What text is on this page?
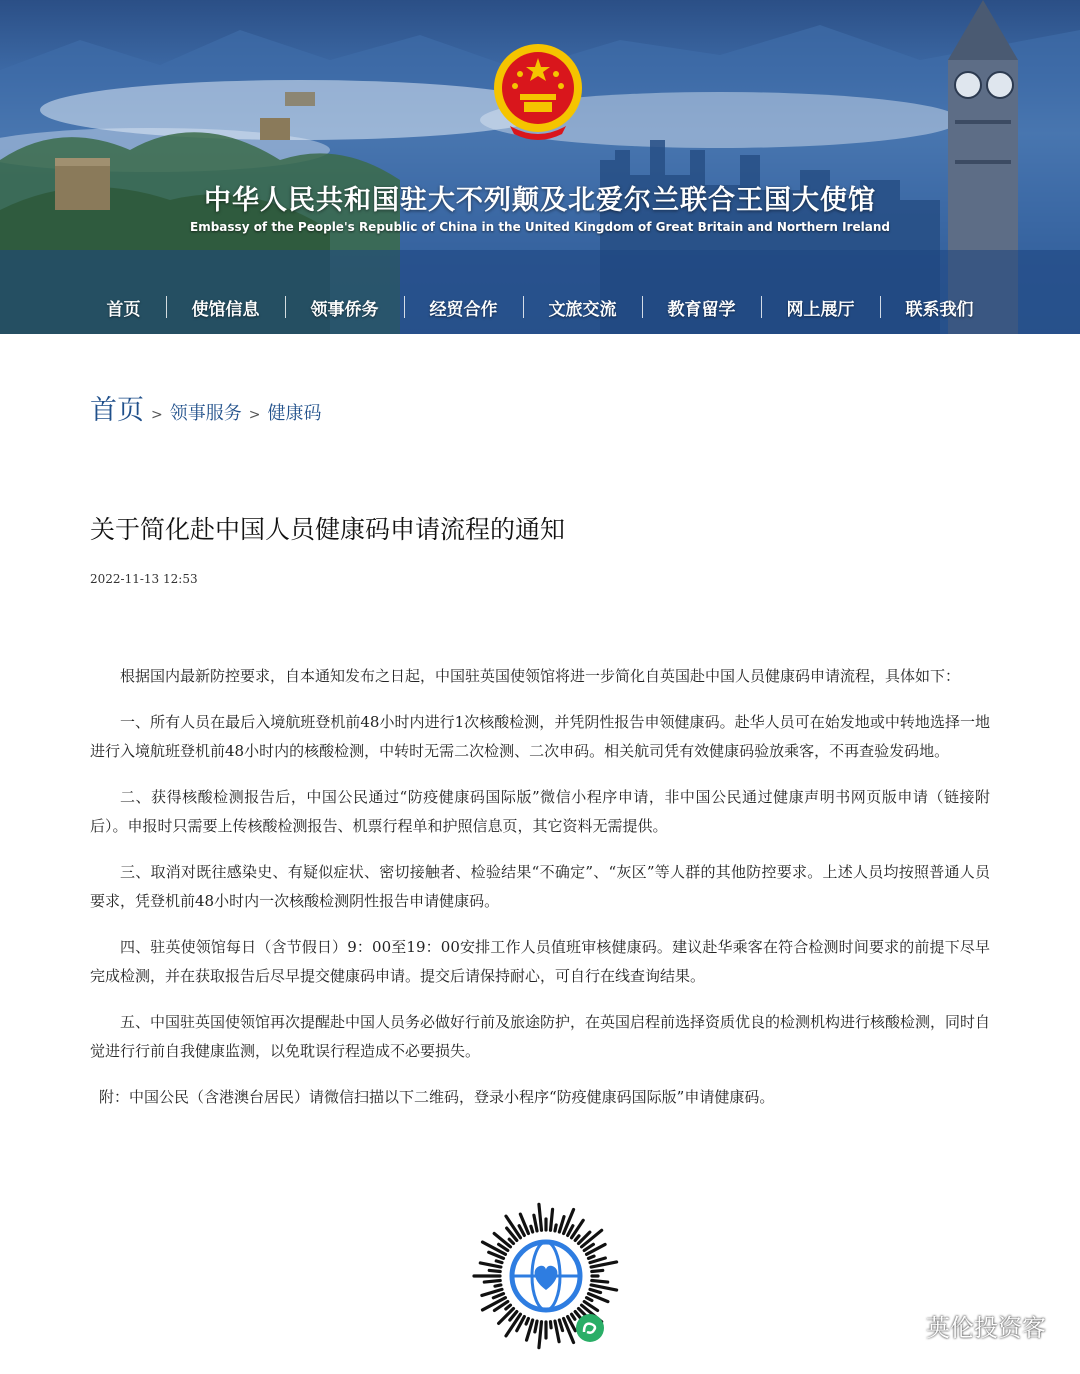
中华人民共和国驻大不列颠及北爱尔兰联合王国大使馆
Embassy of the People's Republic of China in the United Kingdom of Great Britain and Northern Ireland
首页	使馆信息	领事侨务	经贸合作	文旅交流	教育留学	网上展厅	联系我们
首页 > 领事服务 > 健康码
关于简化赴中国人员健康码申请流程的通知
2022-11-13 12:53

根据国内最新防控要求，自本通知发布之日起，中国驻英国使领馆将进一步简化自英国赴中国人员健康码申请流程，具体如下：

一、所有人员在最后入境航班登机前48小时内进行1次核酸检测，并凭阴性报告申领健康码。赴华人员可在始发地或中转地选择一地进行入境航班登机前48小时内的核酸检测，中转时无需二次检测、二次申码。相关航司凭有效健康码验放乘客，不再查验发码地。

二、获得核酸检测报告后，中国公民通过“防疫健康码国际版”微信小程序申请，非中国公民通过健康声明书网页版申请（链接附后）。申报时只需要上传核酸检测报告、机票行程单和护照信息页，其它资料无需提供。

三、取消对既往感染史、有疑似症状、密切接触者、检验结果“不确定”、“灰区”等人群的其他防控要求。上述人员均按照普通人员要求，凭登机前48小时内一次核酸检测阴性报告申请健康码。

四、驻英使领馆每日（含节假日）9：00至19：00安排工作人员值班审核健康码。建议赴华乘客在符合检测时间要求的前提下尽早完成检测，并在获取报告后尽早提交健康码申请。提交后请保持耐心，可自行在线查询结果。

五、中国驻英国使领馆再次提醒赴中国人员务必做好行前及旅途防护，在英国启程前选择资质优良的检测机构进行核酸检测，同时自觉进行行前自我健康监测，以免耽误行程造成不必要损失。

附：中国公民（含港澳台居民）请微信扫描以下二维码，登录小程序“防疫健康码国际版”申请健康码。

英伦投资客
